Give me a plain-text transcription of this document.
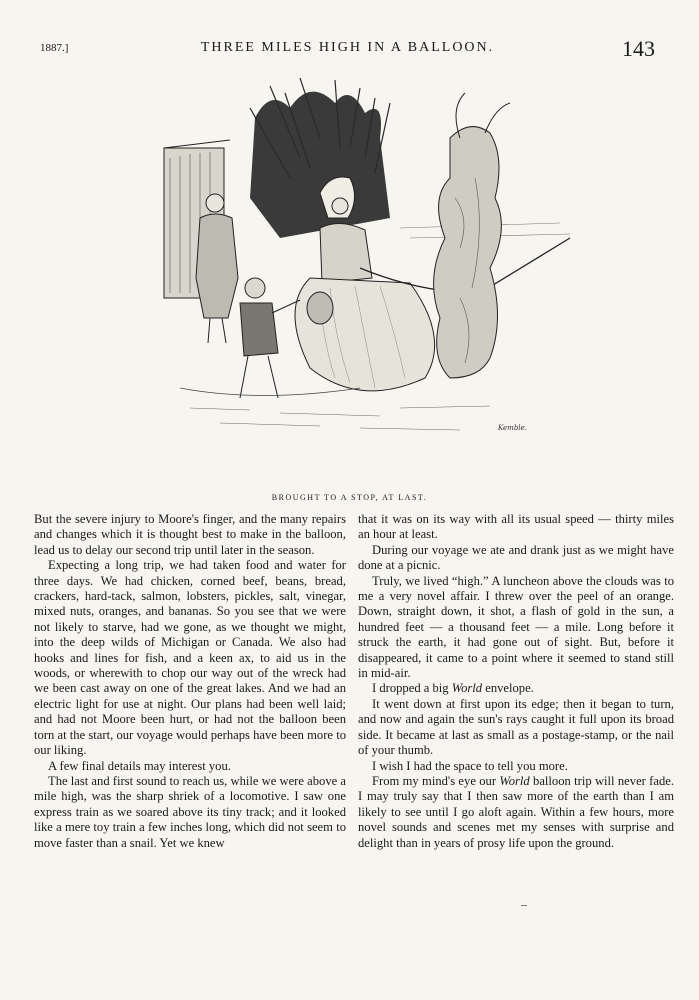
1887.]	THREE MILES HIGH IN A BALLOON.	143
Kemble.
BROUGHT TO A STOP, AT LAST.

But the severe injury to Moore's finger, and the many repairs and changes which it is thought best to make in the balloon, lead us to delay our second trip until later in the season.

Expecting a long trip, we had taken food and water for three days. We had chicken, corned beef, beans, bread, crackers, hard-tack, salmon, lobsters, pickles, salt, vinegar, mixed nuts, oranges, and bananas. So you see that we were not likely to starve, had we gone, as we thought we might, into the deep wilds of Michigan or Canada. We also had hooks and lines for fish, and a keen ax, to aid us in the woods, or wherewith to chop our way out of the wreck had we been cast away on one of the great lakes. And we had an electric light for use at night. Our plans had been well laid; and had not Moore been hurt, or had not the balloon been torn at the start, our voyage would perhaps have been more to our liking.

A few final details may interest you.

The last and first sound to reach us, while we were above a mile high, was the sharp shriek of a locomotive. I saw one express train as we soared above its tiny track; and it looked like a mere toy train a few inches long, which did not seem to move faster than a snail. Yet we knew

that it was on its way with all its usual speed — thirty miles an hour at least.

During our voyage we ate and drank just as we might have done at a picnic.

Truly, we lived “high.” A luncheon above the clouds was to me a very novel affair. I threw over the peel of an orange. Down, straight down, it shot, a flash of gold in the sun, a hundred feet — a thousand feet — a mile. Long before it struck the earth, it had gone out of sight. But, before it disappeared, it came to a point where it seemed to stand still in mid-air.

I dropped a big World envelope.

It went down at first upon its edge; then it began to turn, and now and again the sun's rays caught it full upon its broad side. It became at last as small as a postage-stamp, or the nail of your thumb.

I wish I had the space to tell you more.

From my mind's eye our World balloon trip will never fade. I may truly say that I then saw more of the earth than I am likely to see until I go aloft again. Within a few hours, more novel sounds and scenes met my senses with surprise and delight than in years of prosy life upon the ground.
